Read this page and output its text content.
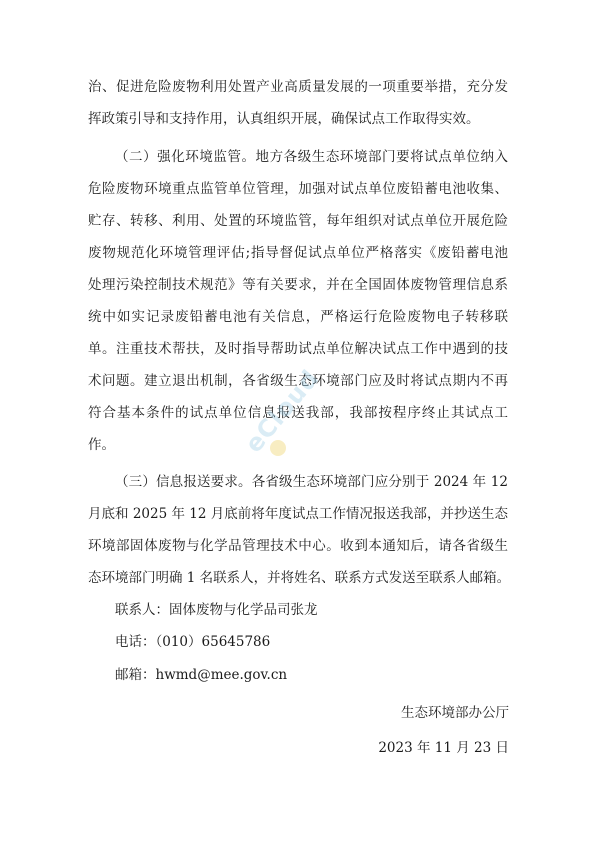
治、促进危险废物利用处置产业高质量发展的一项重要举措，充分发
挥政策引导和支持作用，认真组织开展，确保试点工作取得实效。
（二）强化环境监管。地方各级生态环境部门要将试点单位纳入
危险废物环境重点监管单位管理，加强对试点单位废铅蓄电池收集、
贮存、转移、利用、处置的环境监管，每年组织对试点单位开展危险
废物规范化环境管理评估;指导督促试点单位严格落实《废铅蓄电池
处理污染控制技术规范》等有关要求，并在全国固体废物管理信息系
统中如实记录废铅蓄电池有关信息，严格运行危险废物电子转移联
单。注重技术帮扶，及时指导帮助试点单位解决试点工作中遇到的技
术问题。建立退出机制，各省级生态环境部门应及时将试点期内不再
符合基本条件的试点单位信息报送我部，我部按程序终止其试点工
作。
（三）信息报送要求。各省级生态环境部门应分别于 2024 年 12
月底和 2025 年 12 月底前将年度试点工作情况报送我部，并抄送生态
环境部固体废物与化学品管理技术中心。收到本通知后，请各省级生
态环境部门明确 1 名联系人，并将姓名、联系方式发送至联系人邮箱。
联系人：固体废物与化学品司张龙
电话：（010）65645786
邮箱：hwmd@mee.gov.cn
生态环境部办公厅
2023 年 11 月 23 日
eCloud
